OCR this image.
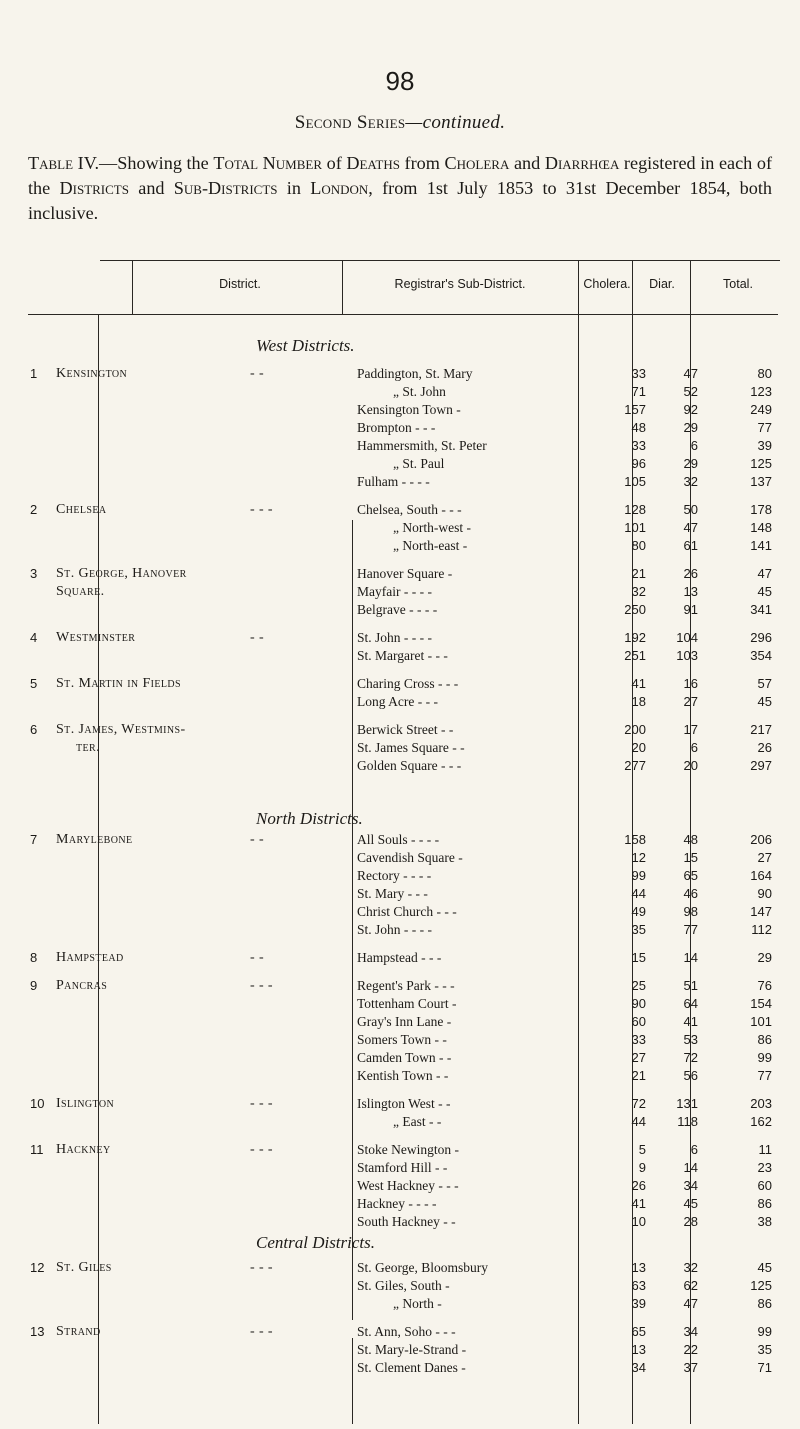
98
Second Series—continued.
Table IV.—Showing the Total Number of Deaths from Cholera and Diarrhœa registered in each of the Districts and Sub-Districts in London, from 1st July 1853 to 31st December 1854, both inclusive.
District.	Registrar's Sub-District.	Cholera.	Diar.	Total.
West Districts.
North Districts.
Central Districts.
1 Kensington	- -	Paddington, St. Mary	33	47	80
„ St. John	71	52	123
Kensington Town -	157	92	249
Brompton - - -	48	29	77
Hammersmith, St. Peter	33	6	39
„ St. Paul	96	29	125
Fulham - - - -	105	32	137
2 Chelsea	- - -	Chelsea, South - - -	128	50	178
„ North-west -	101	47	148
„ North-east -	80	61	141
3 St. George, Hanover	Hanover Square -	21	26	47
Square.	Mayfair - - - -	32	13	45
Belgrave - - - -	250	91	341
4 Westminster	- -	St. John - - - -	192	104	296
St. Margaret - - -	251	103	354
5 St. Martin in Fields	Charing Cross - - -	41	16	57
Long Acre - - -	18	27	45
6 St. James, Westmins-	Berwick Street - -	200	17	217
ter.	St. James Square - -	20	6	26
Golden Square - - -	277	20	297
7 Marylebone	- -	All Souls - - - -	158	48	206
Cavendish Square -	12	15	27
Rectory - - - -	99	65	164
St. Mary - - -	44	46	90
Christ Church - - -	49	98	147
St. John - - - -	35	77	112
8 Hampstead	- -	Hampstead - - -	15	14	29
9 Pancras	- - -	Regent's Park - - -	25	51	76
Tottenham Court -	90	64	154
Gray's Inn Lane -	60	41	101
Somers Town - -	33	53	86
Camden Town - -	27	72	99
Kentish Town - -	21	56	77
10 Islington	- - -	Islington West - -	72	131	203
„ East - -	44	118	162
11 Hackney	- - -	Stoke Newington -	5	6	11
Stamford Hill - -	9	14	23
West Hackney - - -	26	34	60
Hackney - - - -	41	45	86
South Hackney - -	10	28	38
12 St. Giles	- - -	St. George, Bloomsbury	13	32	45
St. Giles, South -	63	62	125
„ North -	39	47	86
13 Strand	- - -	St. Ann, Soho - - -	65	34	99
St. Mary-le-Strand -	13	22	35
St. Clement Danes -	34	37	71
